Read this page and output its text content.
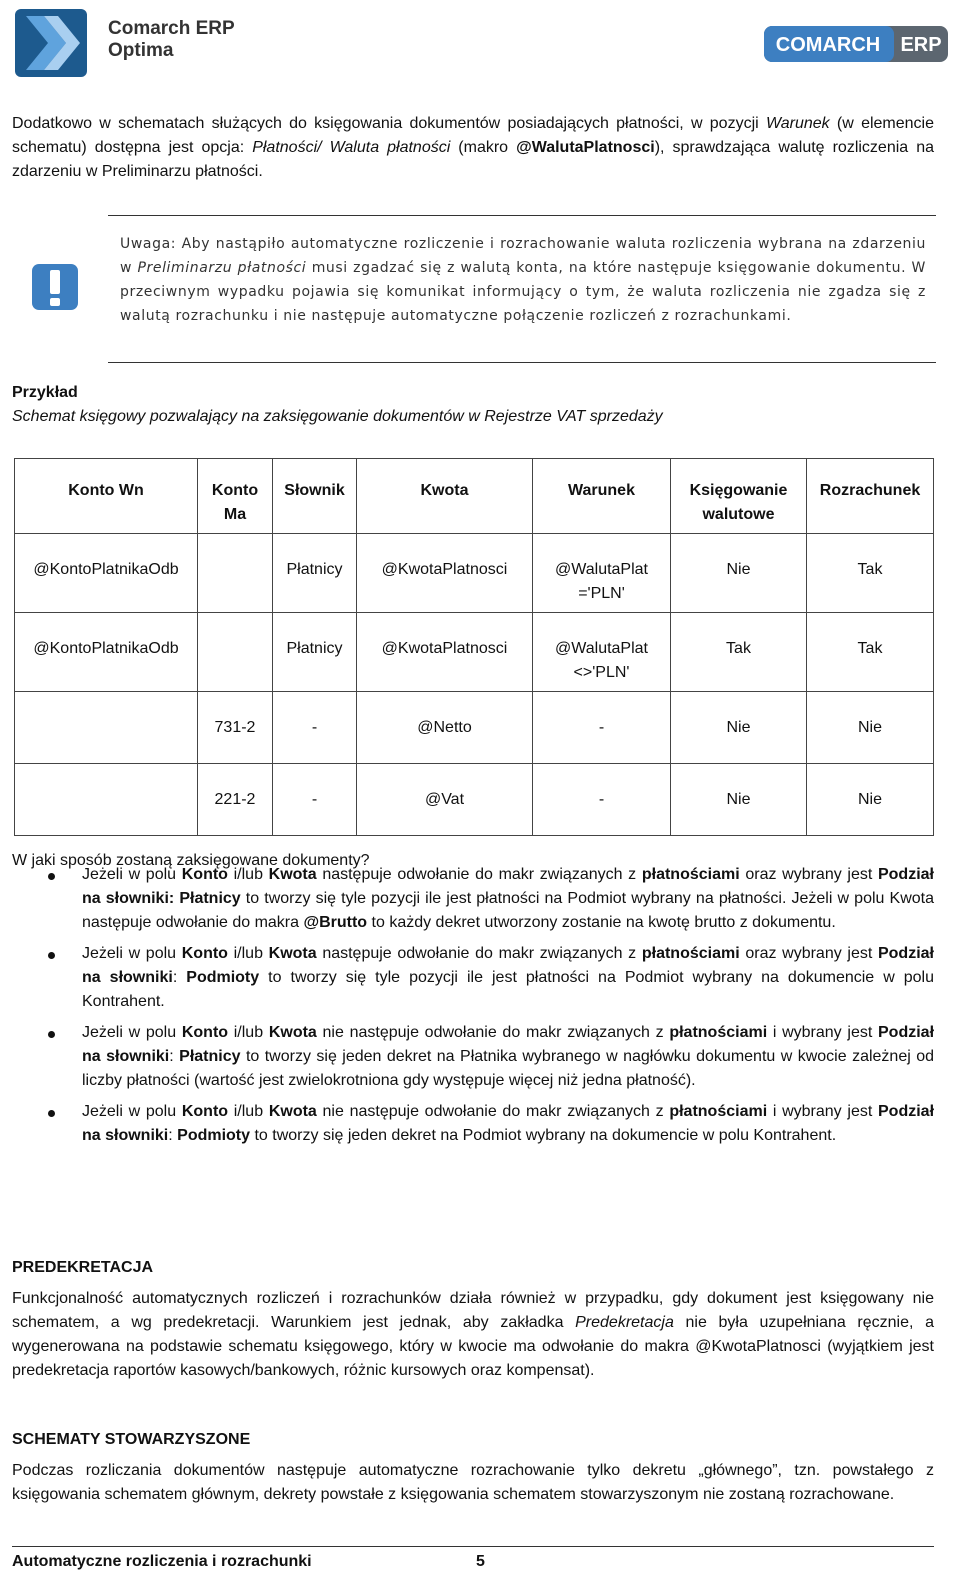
Comarch ERP
Optima	COMARCH ERP
Dodatkowo w schematach służących do księgowania dokumentów posiadających płatności, w pozycji Warunek (w elemencie schematu) dostępna jest opcja: Płatności/ Waluta płatności (makro @WalutaPlatnosci), sprawdzająca walutę rozliczenia na zdarzeniu w Preliminarzu płatności.
Uwaga: Aby nastąpiło automatyczne rozliczenie i rozrachowanie waluta rozliczenia wybrana na zdarzeniu w Preliminarzu płatności musi zgadzać się z walutą konta, na które następuje księgowanie dokumentu. W przeciwnym wypadku pojawia się komunikat informujący o tym, że waluta rozliczenia nie zgadza się z walutą rozrachunku i nie następuje automatyczne połączenie rozliczeń z rozrachunkami.
Przykład
Schemat księgowy pozwalający na zaksięgowanie dokumentów w Rejestrze VAT sprzedaży
Konto Wn	Konto Ma	Słownik	Kwota	Warunek	Księgowanie walutowe	Rozrachunek
@KontoPlatnikaOdb		Płatnicy	@KwotaPlatnosci	@WalutaPlat ='PLN'	Nie	Tak
@KontoPlatnikaOdb		Płatnicy	@KwotaPlatnosci	@WalutaPlat <>'PLN'	Tak	Tak
	731-2	-	@Netto	-	Nie	Nie
	221-2	-	@Vat	-	Nie	Nie
W jaki sposób zostaną zaksięgowane dokumenty?
Jeżeli w polu Konto i/lub Kwota następuje odwołanie do makr związanych z płatnościami oraz wybrany jest Podział na słowniki: Płatnicy to tworzy się tyle pozycji ile jest płatności na Podmiot wybrany na płatności. Jeżeli w polu Kwota następuje odwołanie do makra @Brutto to każdy dekret utworzony zostanie na kwotę brutto z dokumentu.
Jeżeli w polu Konto i/lub Kwota następuje odwołanie do makr związanych z płatnościami oraz wybrany jest Podział na słowniki: Podmioty to tworzy się tyle pozycji ile jest płatności na Podmiot wybrany na dokumencie w polu Kontrahent.
Jeżeli w polu Konto i/lub Kwota nie następuje odwołanie do makr związanych z płatnościami i wybrany jest Podział na słowniki: Płatnicy to tworzy się jeden dekret na Płatnika wybranego w nagłówku dokumentu w kwocie zależnej od liczby płatności (wartość jest zwielokrotniona gdy występuje więcej niż jedna płatność).
Jeżeli w polu Konto i/lub Kwota nie następuje odwołanie do makr związanych z płatnościami i wybrany jest Podział na słowniki: Podmioty to tworzy się jeden dekret na Podmiot wybrany na dokumencie w polu Kontrahent.
PREDEKRETACJA
Funkcjonalność automatycznych rozliczeń i rozrachunków działa również w przypadku, gdy dokument jest księgowany nie schematem, a wg predekretacji. Warunkiem jest jednak, aby zakładka Predekretacja nie była uzupełniana ręcznie, a wygenerowana na podstawie schematu księgowego, który w kwocie ma odwołanie do makra @KwotaPlatnosci (wyjątkiem jest predekretacja raportów kasowych/bankowych, różnic kursowych oraz kompensat).
SCHEMATY STOWARZYSZONE
Podczas rozliczania dokumentów następuje automatyczne rozrachowanie tylko dekretu „głównego”, tzn. powstałego z księgowania schematem głównym, dekrety powstałe z księgowania schematem stowarzyszonym nie zostaną rozrachowane.
Automatyczne rozliczenia i rozrachunki	5
